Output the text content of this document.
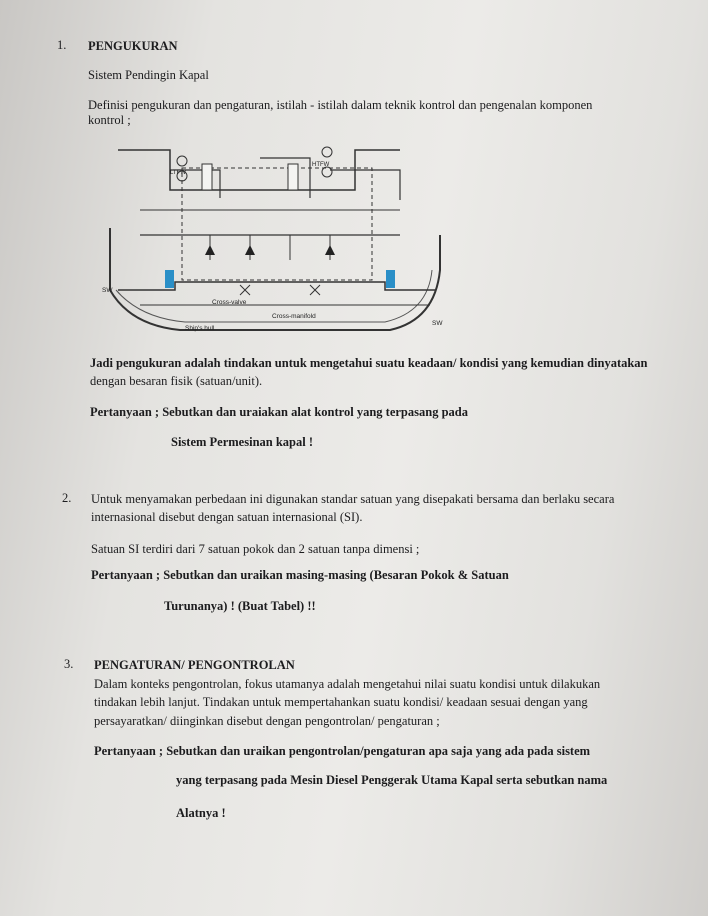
1. PENGUKURAN
Sistem Pendingin Kapal
Definisi pengukuran dan pengaturan, istilah - istilah dalam teknik kontrol dan pengenalan komponen
kontrol ;
LTFW
HTFW
Cross-valve
Cross-manifold
Ship's hull
SW
SW
Jadi pengukuran adalah tindakan untuk mengetahui suatu keadaan/ kondisi yang kemudian dinyatakan
dengan besaran fisik (satuan/unit).
Pertanyaan ; Sebutkan dan uraiakan alat kontrol yang terpasang pada
Sistem Permesinan kapal !
2. Untuk menyamakan perbedaan ini digunakan standar satuan yang disepakati bersama dan berlaku secara
internasional disebut dengan satuan internasional (SI).
Satuan SI terdiri dari 7 satuan pokok dan 2 satuan tanpa dimensi ;
Pertanyaan ; Sebutkan dan uraikan masing-masing (Besaran Pokok & Satuan
Turunanya) ! (Buat Tabel) !!
3. PENGATURAN/ PENGONTROLAN
Dalam konteks pengontrolan, fokus utamanya adalah mengetahui nilai suatu kondisi untuk dilakukan
tindakan lebih lanjut. Tindakan untuk mempertahankan suatu kondisi/ keadaan sesuai dengan yang
persayaratkan/ diinginkan disebut dengan pengontrolan/ pengaturan ;
Pertanyaan ; Sebutkan dan uraikan pengontrolan/pengaturan apa saja yang ada pada sistem
yang terpasang pada Mesin Diesel Penggerak Utama Kapal serta sebutkan nama
Alatnya !
